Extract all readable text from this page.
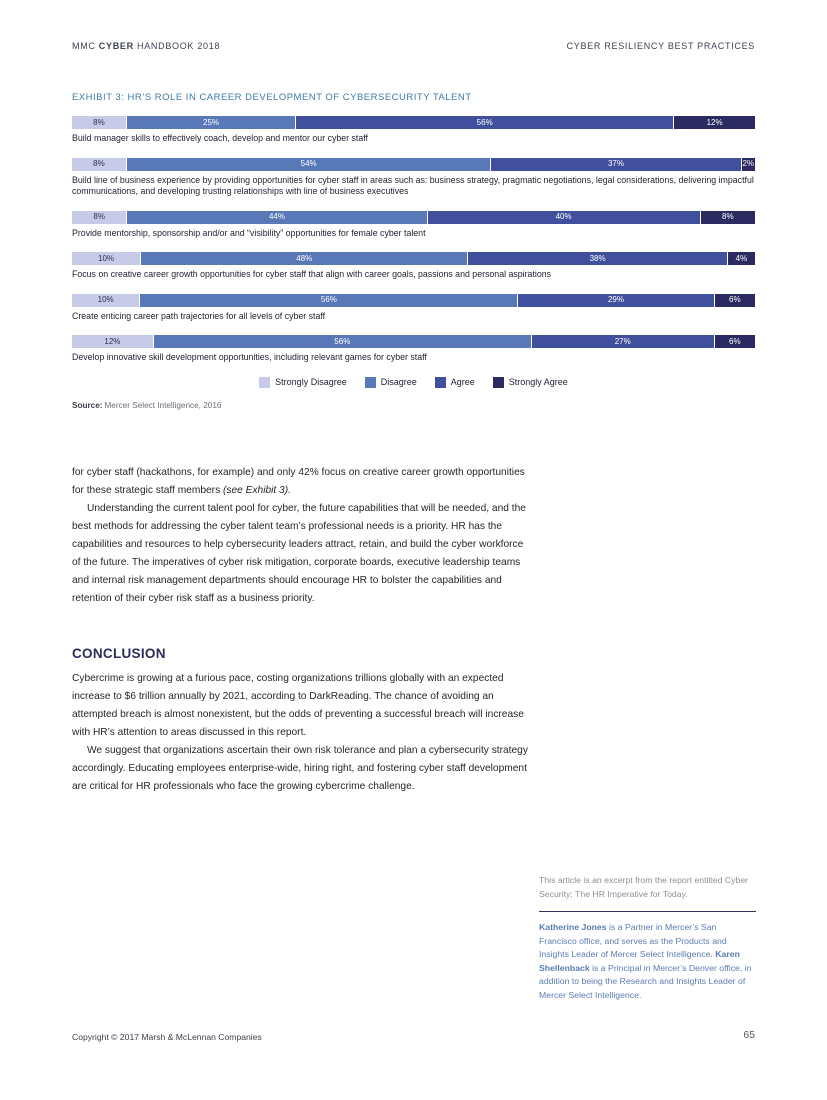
MMC CYBER HANDBOOK 2018	CYBER RESILIENCY BEST PRACTICES
EXHIBIT 3: HR’S ROLE IN CAREER DEVELOPMENT OF CYBERSECURITY TALENT
8%	25%	56%	12%
Build manager skills to effectively coach, develop and mentor our cyber staff
8%	54%	37%	2%
Build line of business experience by providing opportunities for cyber staff in areas such as: business strategy, pragmatic negotiations, legal considerations, delivering impactful communications, and developing trusting relationships with line of business executives
8%	44%	40%	8%
Provide mentorship, sponsorship and/or and “visibility” opportunities for female cyber talent
10%	48%	38%	4%
Focus on creative career growth opportunities for cyber staff that align with career goals, passions and personal aspirations
10%	56%	29%	6%
Create enticing career path trajectories for all levels of cyber staff
12%	56%	27%	6%
Develop innovative skill development opportunities, including relevant games for cyber staff
Strongly Disagree	Disagree	Agree	Strongly Agree
Source: Mercer Select Intelligence, 2016

for cyber staff (hackathons, for example) and only 42% focus on creative career growth opportunities for these strategic staff members (see Exhibit 3).

Understanding the current talent pool for cyber, the future capabilities that will be needed, and the best methods for addressing the cyber talent team’s professional needs is a priority. HR has the capabilities and resources to help cybersecurity leaders attract, retain, and build the cyber workforce of the future. The imperatives of cyber risk mitigation, corporate boards, executive leadership teams and internal risk management departments should encourage HR to bolster the capabilities and retention of their cyber risk staff as a business priority.

CONCLUSION

Cybercrime is growing at a furious pace, costing organizations trillions globally with an expected increase to $6 trillion annually by 2021, according to DarkReading. The chance of avoiding an attempted breach is almost nonexistent, but the odds of preventing a successful breach will increase with HR’s attention to areas discussed in this report.

We suggest that organizations ascertain their own risk tolerance and plan a cybersecurity strategy accordingly. Educating employees enterprise-wide, hiring right, and fostering cyber staff development are critical for HR professionals who face the growing cybercrime challenge.

This article is an excerpt from the report entitled Cyber Security: The HR Imperative for Today.

Katherine Jones is a Partner in Mercer’s San Francisco office, and serves as the Products and Insights Leader of Mercer Select Intelligence. Karen Shellenback is a Principal in Mercer’s Denver office, in addition to being the Research and Insights Leader of Mercer Select Intelligence.

Copyright © 2017 Marsh & McLennan Companies	65
